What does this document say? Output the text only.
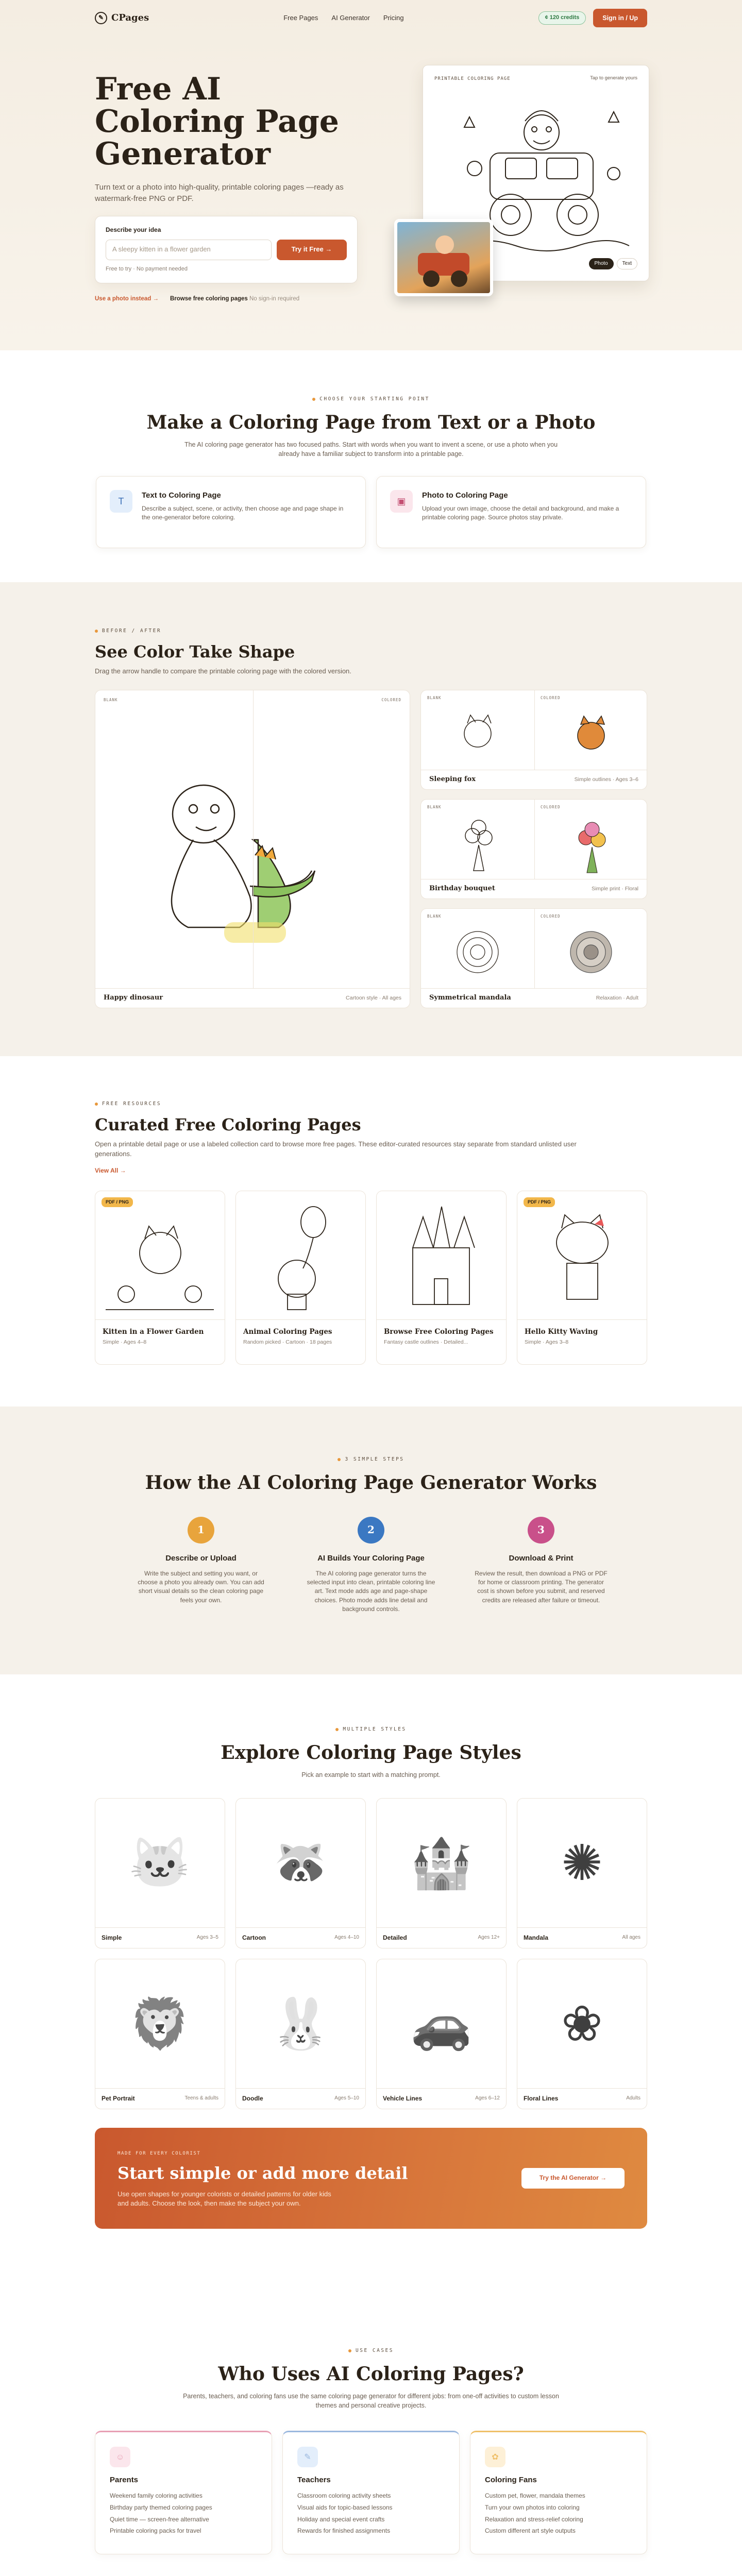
✎ CPages	Free Pages AI Generator Pricing	¢ 120 credits	Sign in / Up
Free AI Coloring Page Generator

Turn text or a photo into high-quality, printable coloring pages —ready as watermark-free PNG or PDF.

Describe your idea
A sleepy kitten in a flower garden	Try it Free →
Free to try · No payment needed
Use a photo instead → Browse free coloring pages No sign-in required
PRINTABLE COLORING PAGE	Tap to generate yours
Photo	Text
CHOOSE YOUR STARTING POINT
Make a Coloring Page from Text or a Photo

The AI coloring page generator has two focused paths. Start with words when you want to invent a scene, or use a photo when you already have a familiar subject to transform into a printable page.

T
Text to Coloring Page
Describe a subject, scene, or activity, then choose age and page shape in the one-generator before coloring.
▣
Photo to Coloring Page
Upload your own image, choose the detail and background, and make a printable coloring page. Source photos stay private.
BEFORE / AFTER
See Color Take Shape

Drag the arrow handle to compare the printable coloring page with the colored version.

BLANK	COLORED
Happy dinosaur	Cartoon style · All ages
BLANK	COLORED
Sleeping fox	Simple outlines · Ages 3–6
BLANK	COLORED
Birthday bouquet	Simple print · Floral
BLANK	COLORED
Symmetrical mandala	Relaxation · Adult
FREE RESOURCES
Curated Free Coloring Pages

Open a printable detail page or use a labeled collection card to browse more free pages. These editor-curated resources stay separate from standard unlisted user generations.

View All →
PDF / PNG
Kitten in a Flower Garden
Simple · Ages 4–8
Animal Coloring Pages
Random picked · Cartoon · 18 pages
Browse Free Coloring Pages
Fantasy castle outlines · Detailed...
PDF / PNG
Hello Kitty Waving
Simple · Ages 3–8
3 SIMPLE STEPS
How the AI Coloring Page Generator Works
1
Describe or Upload
Write the subject and setting you want, or choose a photo you already own. You can add short visual details so the clean coloring page feels your own.
2
AI Builds Your Coloring Page
The AI coloring page generator turns the selected input into clean, printable coloring line art. Text mode adds age and page-shape choices. Photo mode adds line detail and background controls.
3
Download & Print
Review the result, then download a PNG or PDF for home or classroom printing. The generator cost is shown before you submit, and reserved credits are released after failure or timeout.
MULTIPLE STYLES
Explore Coloring Page Styles

Pick an example to start with a matching prompt.

🐱
Simple	Ages 3–5
🦝
Cartoon	Ages 4–10
🏰
Detailed	Ages 12+
✺
Mandala	All ages
🦁
Pet Portrait	Teens & adults
🐰
Doodle	Ages 5–10
🚗
Vehicle Lines	Ages 6–12
❀
Floral Lines	Adults
MADE FOR EVERY COLORIST
Start simple or add more detail
Use open shapes for younger colorists or detailed patterns for older kids and adults. Choose the look, then make the subject your own.
Try the AI Generator →
USE CASES
Who Uses AI Coloring Pages?

Parents, teachers, and coloring fans use the same coloring page generator for different jobs: from one-off activities to custom lesson themes and personal creative projects.

☺
Parents
Weekend family coloring activities
Birthday party themed coloring pages
Quiet time — screen-free alternative
Printable coloring packs for travel
✎
Teachers
Classroom coloring activity sheets
Visual aids for topic-based lessons
Holiday and special event crafts
Rewards for finished assignments
✿
Coloring Fans
Custom pet, flower, mandala themes
Turn your own photos into coloring
Relaxation and stress-relief coloring
Custom different art style outputs
